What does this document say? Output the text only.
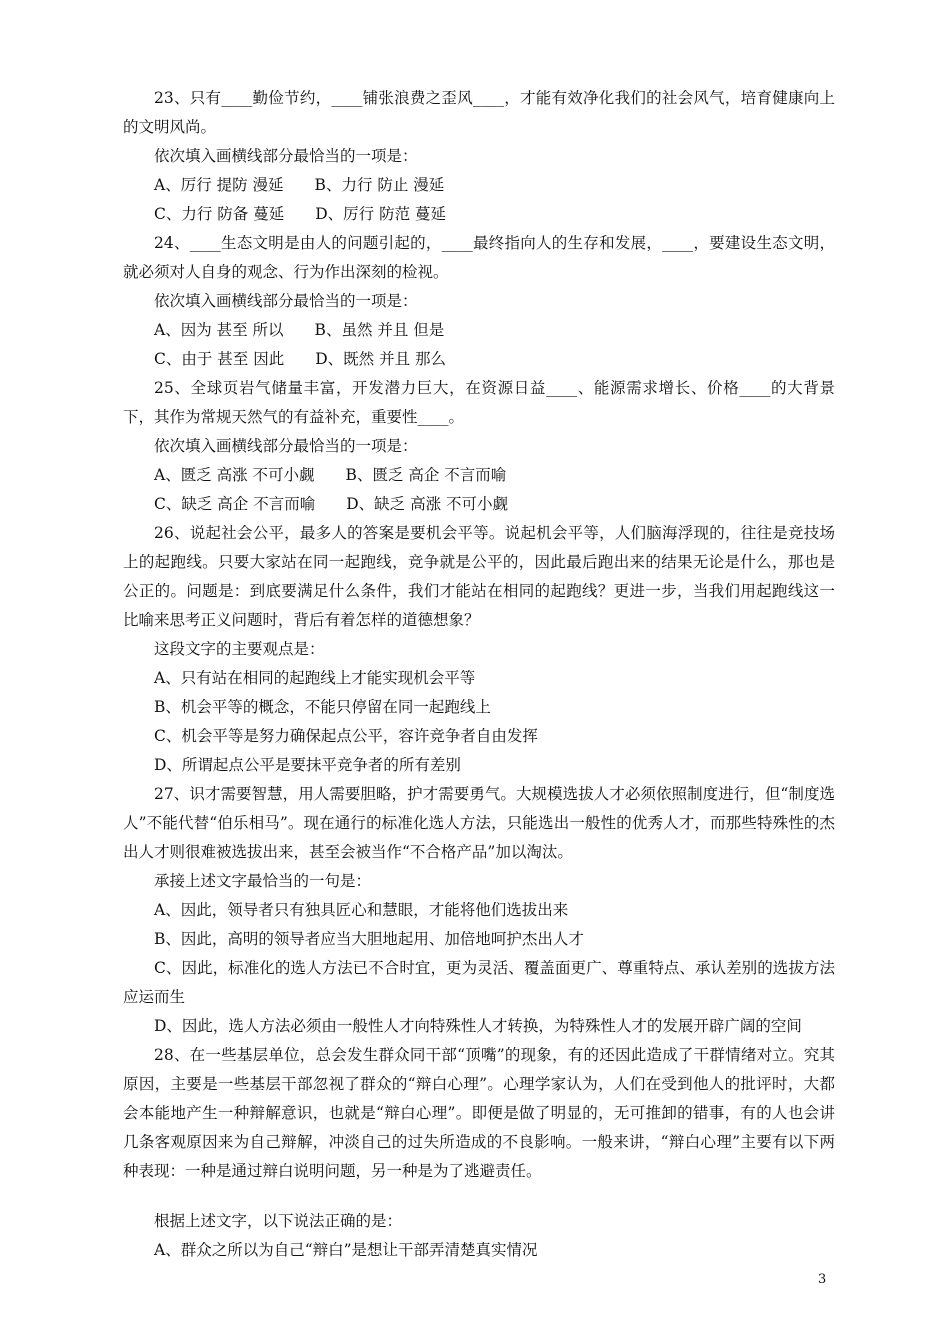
23、只有____勤俭节约，____铺张浪费之歪风____，才能有效净化我们的社会风气，培育健康向上的文明风尚。

依次填入画横线部分最恰当的一项是：

A、厉行 提防 漫延　　B、力行 防止 漫延

C、力行 防备 蔓延　　D、厉行 防范 蔓延

24、____生态文明是由人的问题引起的，____最终指向人的生存和发展，____，要建设生态文明，就必须对人自身的观念、行为作出深刻的检视。

依次填入画横线部分最恰当的一项是：

A、因为 甚至 所以　　B、虽然 并且 但是

C、由于 甚至 因此　　D、既然 并且 那么

25、全球页岩气储量丰富，开发潜力巨大，在资源日益____、能源需求增长、价格____的大背景下，其作为常规天然气的有益补充，重要性____。

依次填入画横线部分最恰当的一项是：

A、匮乏 高涨 不可小觑　　B、匮乏 高企 不言而喻

C、缺乏 高企 不言而喻　　D、缺乏 高涨 不可小觑

26、说起社会公平，最多人的答案是要机会平等。说起机会平等，人们脑海浮现的，往往是竞技场上的起跑线。只要大家站在同一起跑线，竞争就是公平的，因此最后跑出来的结果无论是什么，那也是公正的。问题是：到底要满足什么条件，我们才能站在相同的起跑线？更进一步，当我们用起跑线这一比喻来思考正义问题时，背后有着怎样的道德想象？

这段文字的主要观点是：

A、只有站在相同的起跑线上才能实现机会平等

B、机会平等的概念，不能只停留在同一起跑线上

C、机会平等是努力确保起点公平，容许竞争者自由发挥

D、所谓起点公平是要抹平竞争者的所有差别

27、识才需要智慧，用人需要胆略，护才需要勇气。大规模选拔人才必须依照制度进行，但“制度选人”不能代替“伯乐相马”。现在通行的标准化选人方法，只能选出一般性的优秀人才，而那些特殊性的杰出人才则很难被选拔出来，甚至会被当作“不合格产品”加以淘汰。

承接上述文字最恰当的一句是：

A、因此，领导者只有独具匠心和慧眼，才能将他们选拔出来

B、因此，高明的领导者应当大胆地起用、加倍地呵护杰出人才

C、因此，标准化的选人方法已不合时宜，更为灵活、覆盖面更广、尊重特点、承认差别的选拔方法应运而生

D、因此，选人方法必须由一般性人才向特殊性人才转换，为特殊性人才的发展开辟广阔的空间

28、在一些基层单位，总会发生群众同干部“顶嘴”的现象，有的还因此造成了干群情绪对立。究其原因，主要是一些基层干部忽视了群众的“辩白心理”。心理学家认为，人们在受到他人的批评时，大都会本能地产生一种辩解意识，也就是“辩白心理”。即便是做了明显的，无可推卸的错事，有的人也会讲几条客观原因来为自己辩解，冲淡自己的过失所造成的不良影响。一般来讲，“辩白心理”主要有以下两种表现：一种是通过辩白说明问题，另一种是为了逃避责任。

根据上述文字，以下说法正确的是：

A、群众之所以为自己“辩白”是想让干部弄清楚真实情况

3
